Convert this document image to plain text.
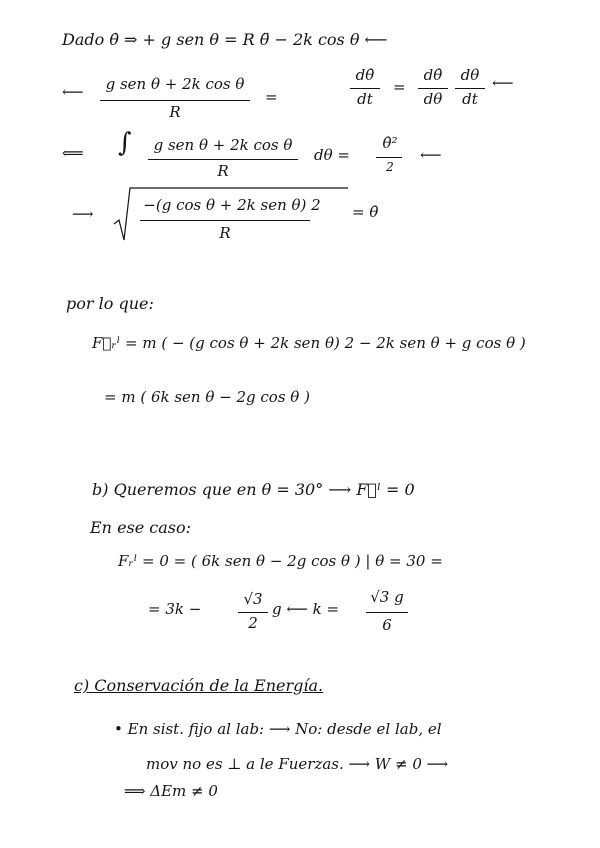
Dado θ̇ ⇒ + g sen θ = R θ̈ − 2k cos θ ⟵
⟵	g sen θ + 2k cos θ
R
=
dθ̇
dt
=
dθ̇
dθ
dθ
dt
⟵
⟸ ∫	g sen θ + 2k cos θ
R
dθ =
θ̇²
2
⟵
⟶	−(g cos θ + 2k sen θ) 2
R
= θ̇
por lo que:
F⃗ᵣˡ = m ( − (g cos θ + 2k sen θ) 2 − 2k sen θ + g cos θ )
= m ( 6k sen θ − 2g cos θ )
b) Queremos que en θ = 30° ⟶ F⃗ˡ = 0
En ese caso:
Fᵣˡ = 0 = ( 6k sen θ − 2g cos θ ) | θ = 30 =
= 3k −
√3
2
g ⟵ k =
√3 g
6
c) Conservación de la Energía.
• En sist. fijo al lab: ⟶ No: desde el lab, el
mov no es ⊥ a le Fuerzas. ⟶ W ≠ 0 ⟶
⟹ ΔEm ≠ 0
